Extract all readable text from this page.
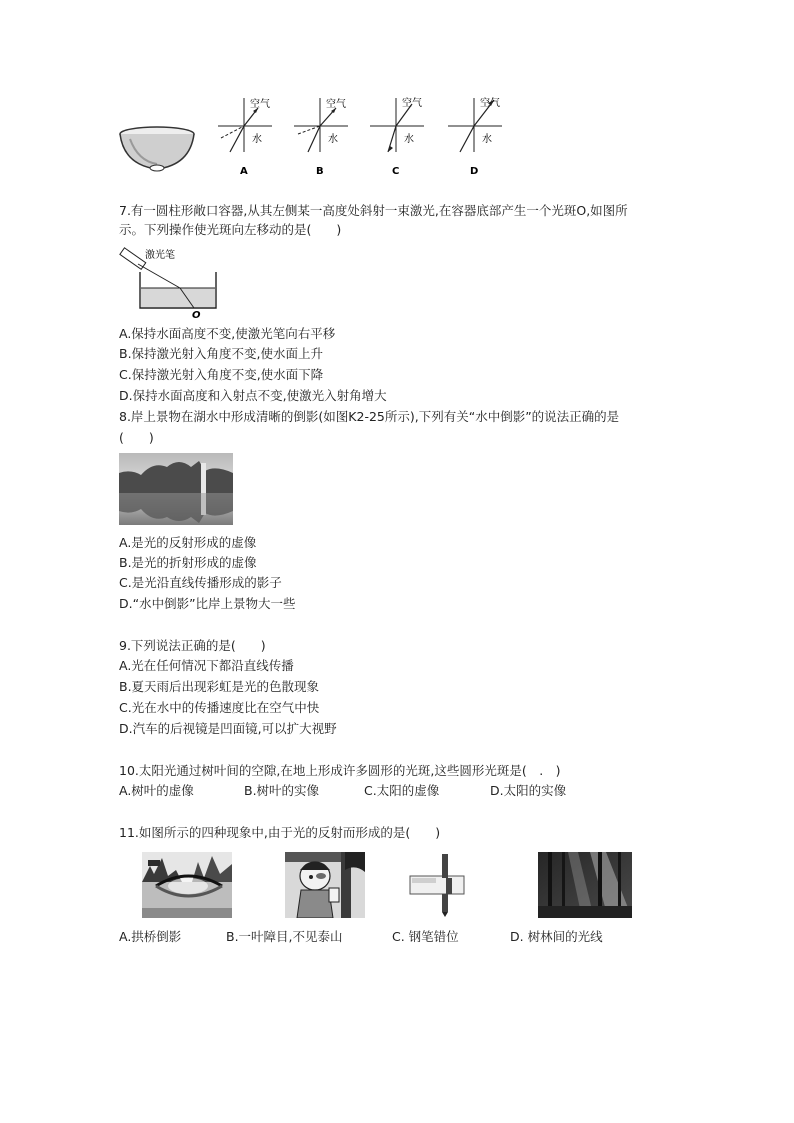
空气
水
A
空气
水
B
空气
水
C
空气
水
D
7.有一圆柱形敞口容器,从其左侧某一高度处斜射一束激光,在容器底部产生一个光斑O,如图所
示。下列操作使光斑向左移动的是(　　)
激光笔
O
A.保持水面高度不变,使激光笔向右平移
B.保持激光射入角度不变,使水面上升
C.保持激光射入角度不变,使水面下降
D.保持水面高度和入射点不变,使激光入射角增大
8.岸上景物在湖水中形成清晰的倒影(如图K2-25所示),下列有关“水中倒影”的说法正确的是
(　　)
A.是光的反射形成的虚像
B.是光的折射形成的虚像
C.是光沿直线传播形成的影子
D.“水中倒影”比岸上景物大一些
9.下列说法正确的是(　　)
A.光在任何情况下都沿直线传播
B.夏天雨后出现彩虹是光的色散现象
C.光在水中的传播速度比在空气中快
D.汽车的后视镜是凹面镜,可以扩大视野
10.太阳光通过树叶间的空隙,在地上形成许多圆形的光斑,这些圆形光斑是(　.　)
A.树叶的虚像	B.树叶的实像	C.太阳的虚像	D.太阳的实像
11.如图所示的四种现象中,由于光的反射而形成的是(　　)
A.拱桥倒影	B.一叶障目,不见泰山	C. 钢笔错位	D. 树林间的光线
